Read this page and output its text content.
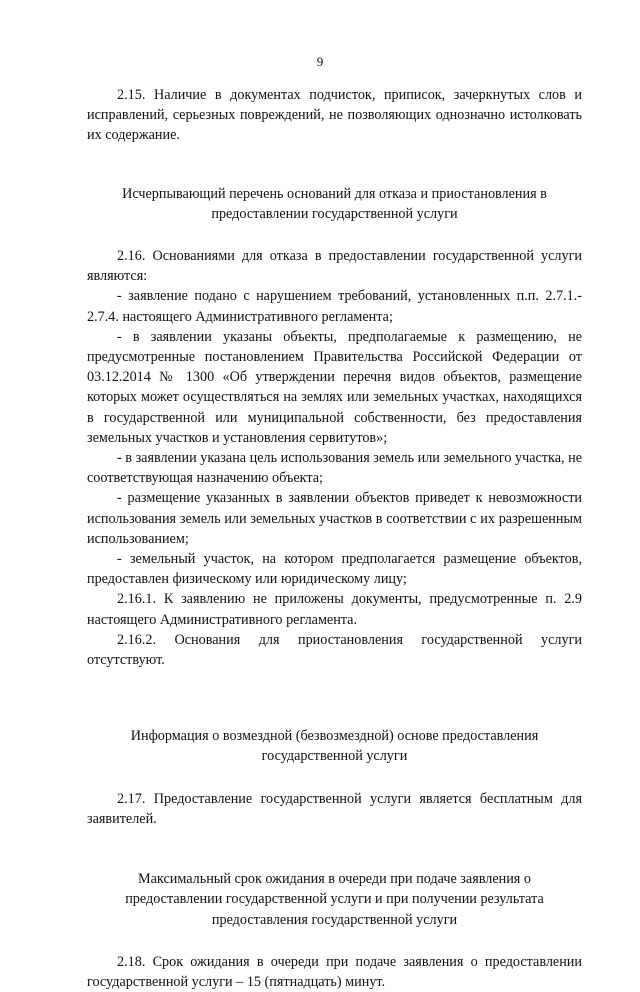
9

2.15. Наличие в документах подчисток, приписок, зачеркнутых слов и исправлений, серьезных повреждений, не позволяющих однозначно истолковать их содержание.

Исчерпывающий перечень оснований для отказа и приостановления в предоставлении государственной услуги

2.16. Основаниями для отказа в предоставлении государственной услуги являются:

- заявление подано с нарушением требований, установленных п.п. 2.7.1.- 2.7.4. настоящего Административного регламента;

- в заявлении указаны объекты, предполагаемые к размещению, не предусмотренные постановлением Правительства Российской Федерации от 03.12.2014 № 1300 «Об утверждении перечня видов объектов, размещение которых может осуществляться на землях или земельных участках, находящихся в государственной или муниципальной собственности, без предоставления земельных участков и установления сервитутов»;

- в заявлении указана цель использования земель или земельного участка, не соответствующая назначению объекта;

- размещение указанных в заявлении объектов приведет к невозможности использования земель или земельных участков в соответствии с их разрешенным использованием;

- земельный участок, на котором предполагается размещение объектов, предоставлен физическому или юридическому лицу;

2.16.1. К заявлению не приложены документы, предусмотренные п. 2.9 настоящего Административного регламента.

2.16.2. Основания для приостановления государственной услуги отсутствуют.

Информация о возмездной (безвозмездной) основе предоставления государственной услуги

2.17. Предоставление государственной услуги является бесплатным для заявителей.

Максимальный срок ожидания в очереди при подаче заявления о предоставлении государственной услуги и при получении результата предоставления государственной услуги

2.18. Срок ожидания в очереди при подаче заявления о предоставлении государственной услуги – 15 (пятнадцать) минут.
